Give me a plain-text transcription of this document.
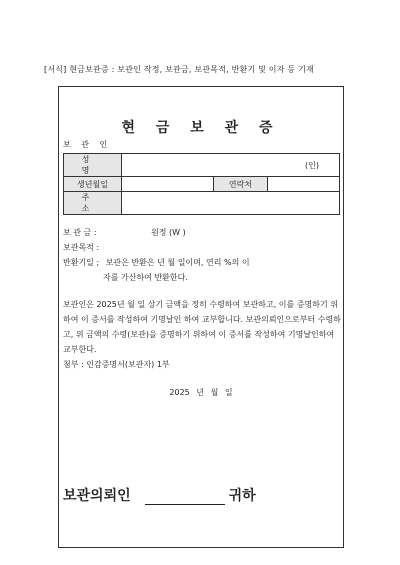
[서식] 현금보관증 : 보관인 작정, 보관금, 보관목적, 반환기 및 이자 등 기재
현 금 보 관 증
보 관 인
성 명	(인)		

생년월일		연락처	
주 소			
보 관 금 :	원정 (W )
보관목적 :
반환기일 ; 보관은 반환은 년 월 일이며, 연리 %의 이
자를 가산하여 반환한다.
보관인은 2025년 월 일 상기 금액을 정히 수령하여 보관하고, 이를 증명하기 위하여 이 증서를 작성하여 기명날인 하여 교부합니다. 보관의뢰인으로부터 수령하고, 위 금액의 수령(보관)을 증명하기 위하여 이 증서를 작성하여 기명날인하여 교부한다.
첨부 : 인감증명서(보관자) 1부
2025 년 월 일
보관의뢰인	귀하
